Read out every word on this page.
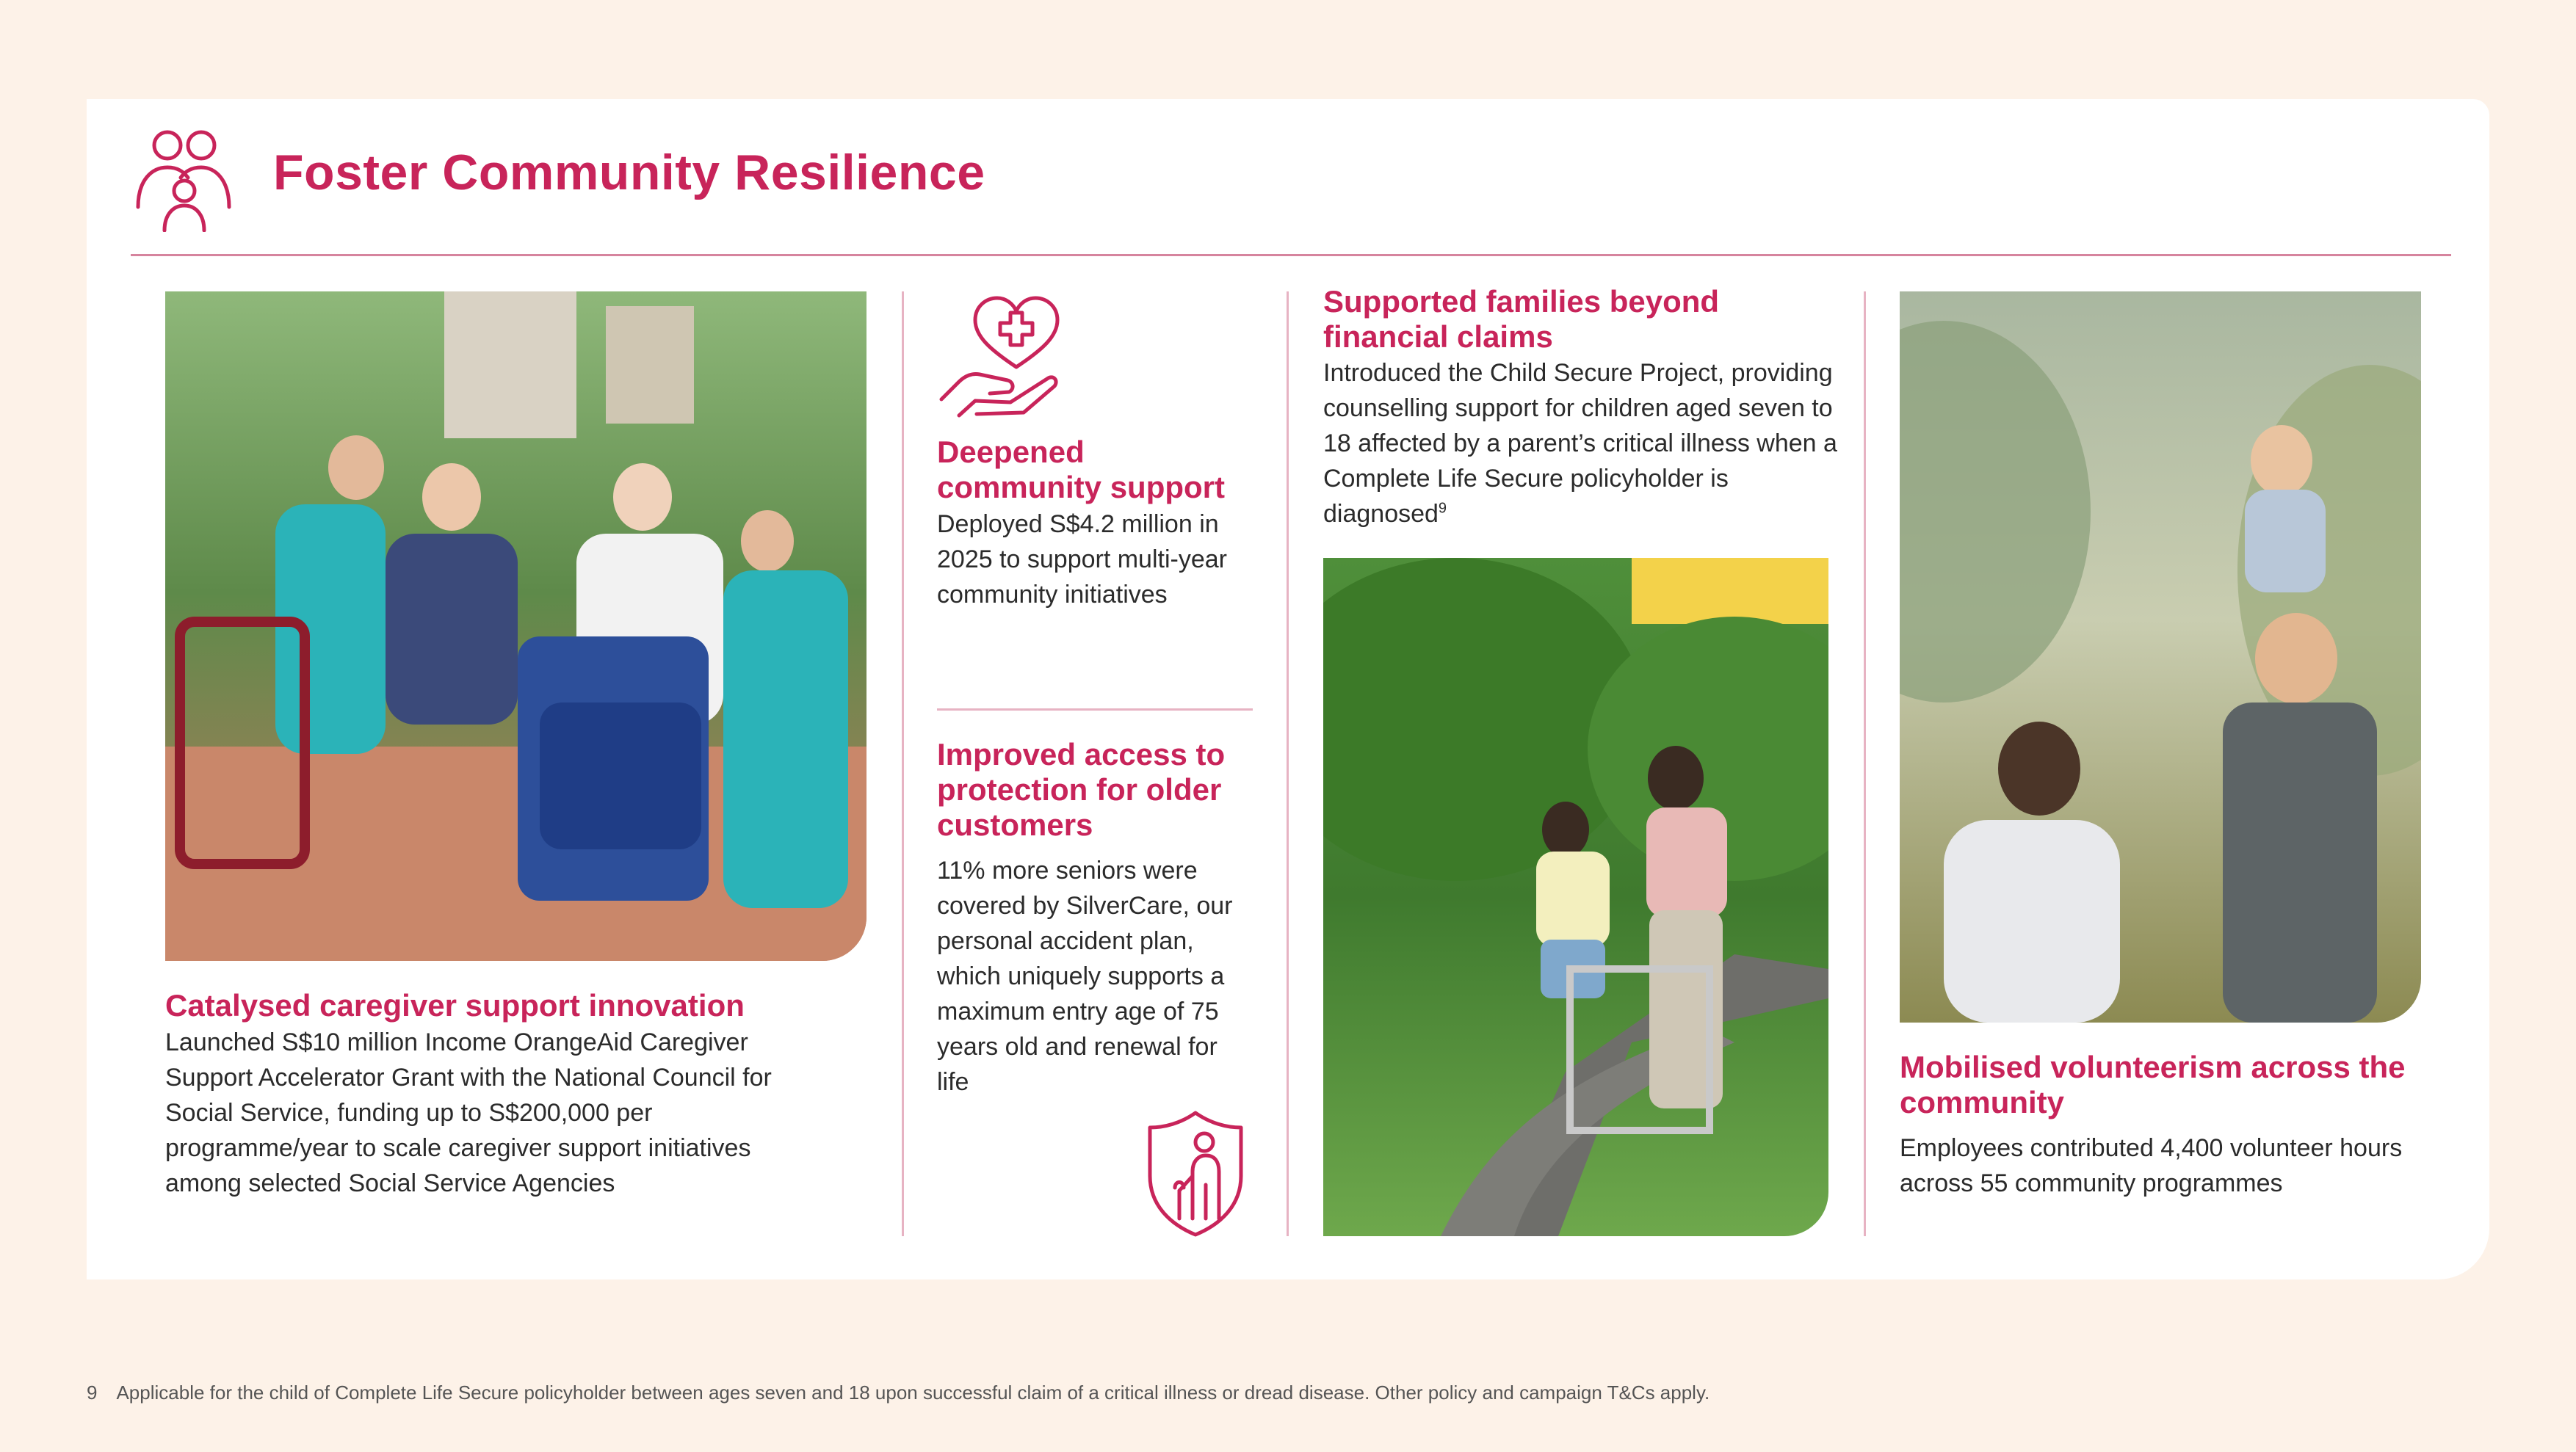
Foster Community Resilience
Catalysed caregiver support innovation
Launched S$10 million Income OrangeAid Caregiver Support Accelerator Grant with the National Council for Social Service, funding up to S$200,000 per programme/year to scale caregiver support initiatives among selected Social Service Agencies
Deepened community support
Deployed S$4.2 million in 2025 to support multi-year community initiatives
Improved access to protection for older customers
11% more seniors were covered by SilverCare, our personal accident plan, which uniquely supports a maximum entry age of 75 years old and renewal for life
Supported families beyond financial claims
Introduced the Child Secure Project, providing counselling support for children aged seven to 18 affected by a parent’s critical illness when a Complete Life Secure policyholder is diagnosed$^9$
Mobilised volunteerism across the community
Employees contributed 4,400 volunteer hours across 55 community programmes
9 Applicable for the child of Complete Life Secure policyholder between ages seven and 18 upon successful claim of a critical illness or dread disease. Other policy and campaign T&Cs apply.
